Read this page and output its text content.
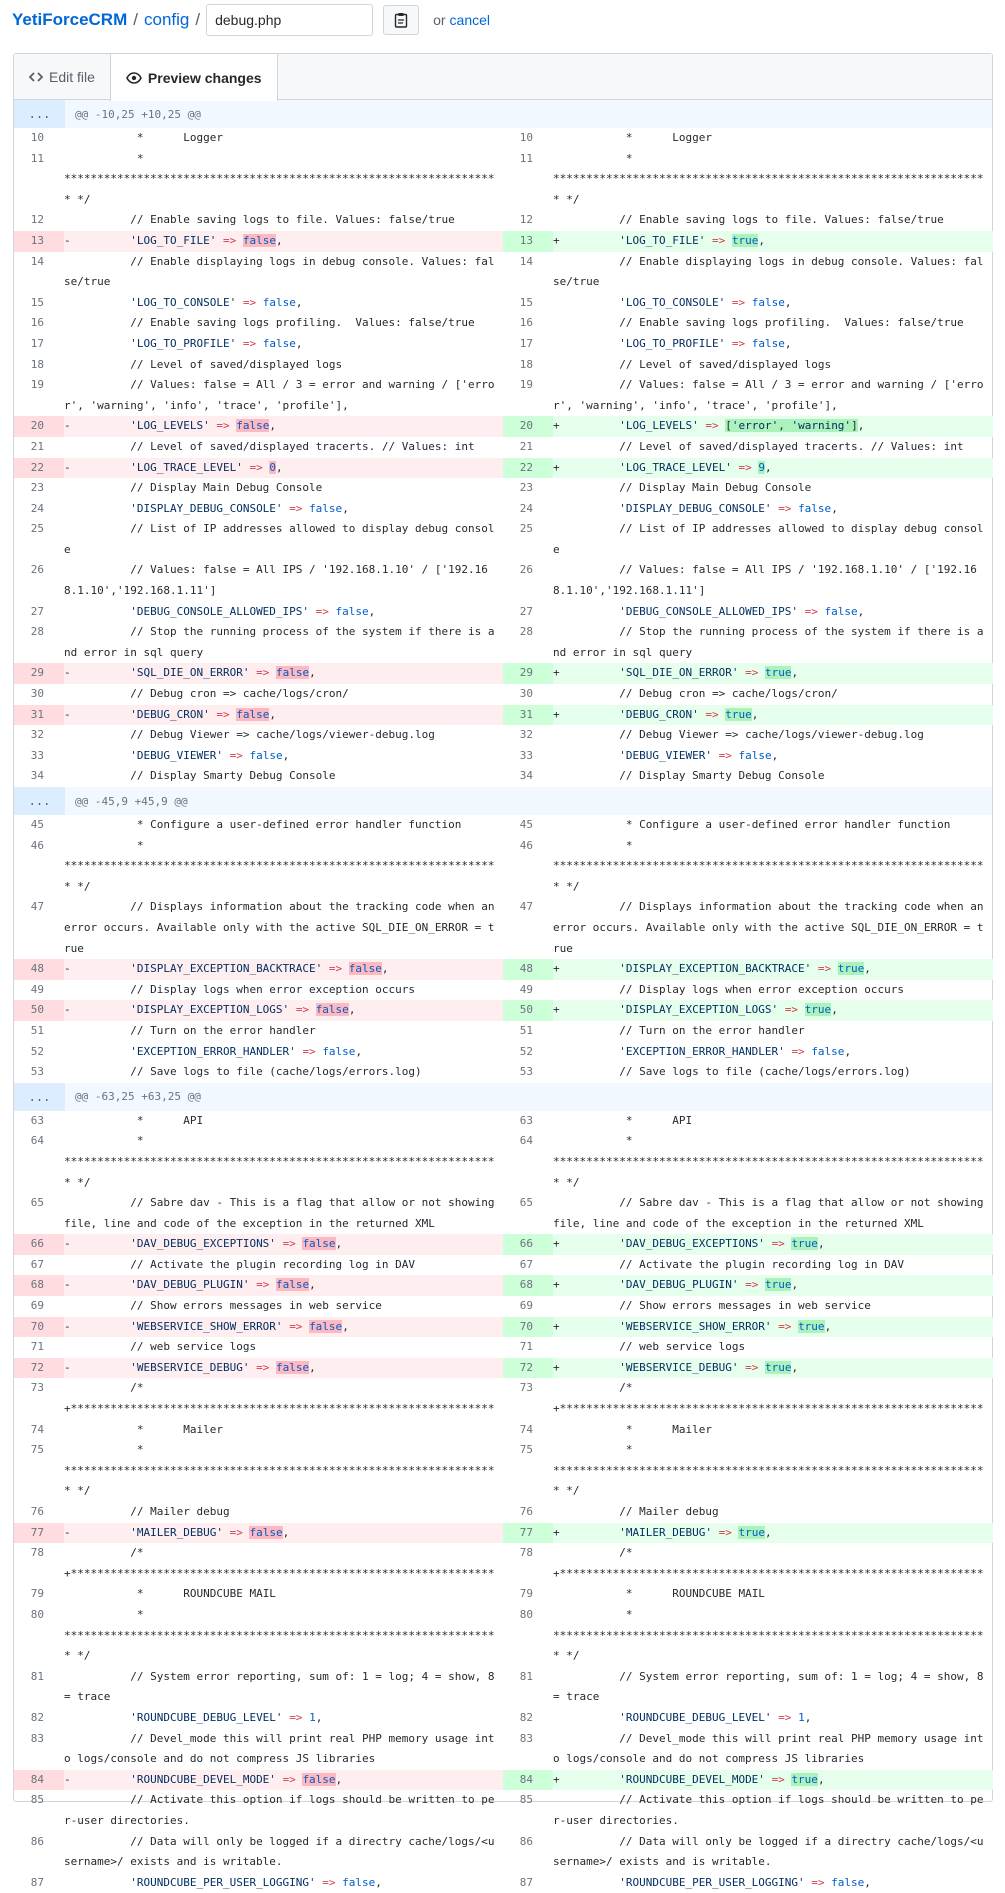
YetiForceCRM / config /
debug.php	or cancel
Edit file	Preview changes
...	@@ -10,25 +10,25 @@
10	*      Logger	10	*      Logger
11	*
****************************************************************** */
11	*
****************************************************************** */
12	// Enable saving logs to file. Values: false/true	12	// Enable saving logs to file. Values: false/true
13	-         'LOG_TO_FILE' => false,	13	+         'LOG_TO_FILE' => true,
14	// Enable displaying logs in debug console. Values: false/true
14	// Enable displaying logs in debug console. Values: false/true
15	'LOG_TO_CONSOLE' => false,	15	'LOG_TO_CONSOLE' => false,
16	// Enable saving logs profiling.  Values: false/true	16	// Enable saving logs profiling.  Values: false/true
17	'LOG_TO_PROFILE' => false,	17	'LOG_TO_PROFILE' => false,
18	// Level of saved/displayed logs	18	// Level of saved/displayed logs
19	// Values: false = All / 3 = error and warning / ['error', 'warning', 'info', 'trace', 'profile'],
19	// Values: false = All / 3 = error and warning / ['error', 'warning', 'info', 'trace', 'profile'],
20	-         'LOG_LEVELS' => false,	20	+         'LOG_LEVELS' => ['error', 'warning'],
21	// Level of saved/displayed tracerts. // Values: int	21	// Level of saved/displayed tracerts. // Values: int
22	-         'LOG_TRACE_LEVEL' => 0,	22	+         'LOG_TRACE_LEVEL' => 9,
23	// Display Main Debug Console	23	// Display Main Debug Console
24	'DISPLAY_DEBUG_CONSOLE' => false,	24	'DISPLAY_DEBUG_CONSOLE' => false,
25	// List of IP addresses allowed to display debug console
25	// List of IP addresses allowed to display debug console
26	// Values: false = All IPS / '192.168.1.10' / ['192.168.1.10','192.168.1.11']
26	// Values: false = All IPS / '192.168.1.10' / ['192.168.1.10','192.168.1.11']
27	'DEBUG_CONSOLE_ALLOWED_IPS' => false,	27	'DEBUG_CONSOLE_ALLOWED_IPS' => false,
28	// Stop the running process of the system if there is and error in sql query
28	// Stop the running process of the system if there is and error in sql query
29	-         'SQL_DIE_ON_ERROR' => false,	29	+         'SQL_DIE_ON_ERROR' => true,
30	// Debug cron => cache/logs/cron/	30	// Debug cron => cache/logs/cron/
31	-         'DEBUG_CRON' => false,	31	+         'DEBUG_CRON' => true,
32	// Debug Viewer => cache/logs/viewer-debug.log	32	// Debug Viewer => cache/logs/viewer-debug.log
33	'DEBUG_VIEWER' => false,	33	'DEBUG_VIEWER' => false,
34	// Display Smarty Debug Console	34	// Display Smarty Debug Console
...	@@ -45,9 +45,9 @@
45	* Configure a user-defined error handler function	45	* Configure a user-defined error handler function
46	*
****************************************************************** */
46	*
****************************************************************** */
47	// Displays information about the tracking code when an error occurs. Available only with the active SQL_DIE_ON_ERROR = true
47	// Displays information about the tracking code when an error occurs. Available only with the active SQL_DIE_ON_ERROR = true
48	-         'DISPLAY_EXCEPTION_BACKTRACE' => false,	48	+         'DISPLAY_EXCEPTION_BACKTRACE' => true,
49	// Display logs when error exception occurs	49	// Display logs when error exception occurs
50	-         'DISPLAY_EXCEPTION_LOGS' => false,	50	+         'DISPLAY_EXCEPTION_LOGS' => true,
51	// Turn on the error handler	51	// Turn on the error handler
52	'EXCEPTION_ERROR_HANDLER' => false,	52	'EXCEPTION_ERROR_HANDLER' => false,
53	// Save logs to file (cache/logs/errors.log)	53	// Save logs to file (cache/logs/errors.log)
...	@@ -63,25 +63,25 @@
63	*      API	63	*      API
64	*
****************************************************************** */
64	*
****************************************************************** */
65	// Sabre dav - This is a flag that allow or not showing file, line and code of the exception in the returned XML
65	// Sabre dav - This is a flag that allow or not showing file, line and code of the exception in the returned XML
66	-         'DAV_DEBUG_EXCEPTIONS' => false,	66	+         'DAV_DEBUG_EXCEPTIONS' => true,
67	// Activate the plugin recording log in DAV	67	// Activate the plugin recording log in DAV
68	-         'DAV_DEBUG_PLUGIN' => false,	68	+         'DAV_DEBUG_PLUGIN' => true,
69	// Show errors messages in web service	69	// Show errors messages in web service
70	-         'WEBSERVICE_SHOW_ERROR' => false,	70	+         'WEBSERVICE_SHOW_ERROR' => true,
71	// web service logs	71	// web service logs
72	-         'WEBSERVICE_DEBUG' => false,	72	+         'WEBSERVICE_DEBUG' => true,
73	/*
+****************************************************************
73	/*
+****************************************************************
74	*      Mailer	74	*      Mailer
75	*
****************************************************************** */
75	*
****************************************************************** */
76	// Mailer debug	76	// Mailer debug
77	-         'MAILER_DEBUG' => false,	77	+         'MAILER_DEBUG' => true,
78	/*
+****************************************************************
78	/*
+****************************************************************
79	*      ROUNDCUBE MAIL	79	*      ROUNDCUBE MAIL
80	*
****************************************************************** */
80	*
****************************************************************** */
81	// System error reporting, sum of: 1 = log; 4 = show, 8 = trace
81	// System error reporting, sum of: 1 = log; 4 = show, 8 = trace
82	'ROUNDCUBE_DEBUG_LEVEL' => 1,	82	'ROUNDCUBE_DEBUG_LEVEL' => 1,
83	// Devel_mode this will print real PHP memory usage into logs/console and do not compress JS libraries
83	// Devel_mode this will print real PHP memory usage into logs/console and do not compress JS libraries
84	-         'ROUNDCUBE_DEVEL_MODE' => false,	84	+         'ROUNDCUBE_DEVEL_MODE' => true,
85	// Activate this option if logs should be written to per-user directories.
85	// Activate this option if logs should be written to per-user directories.
86	// Data will only be logged if a directry cache/logs/<username>/ exists and is writable.
86	// Data will only be logged if a directry cache/logs/<username>/ exists and is writable.
87	'ROUNDCUBE_PER_USER_LOGGING' => false,	87	'ROUNDCUBE_PER_USER_LOGGING' => false,
